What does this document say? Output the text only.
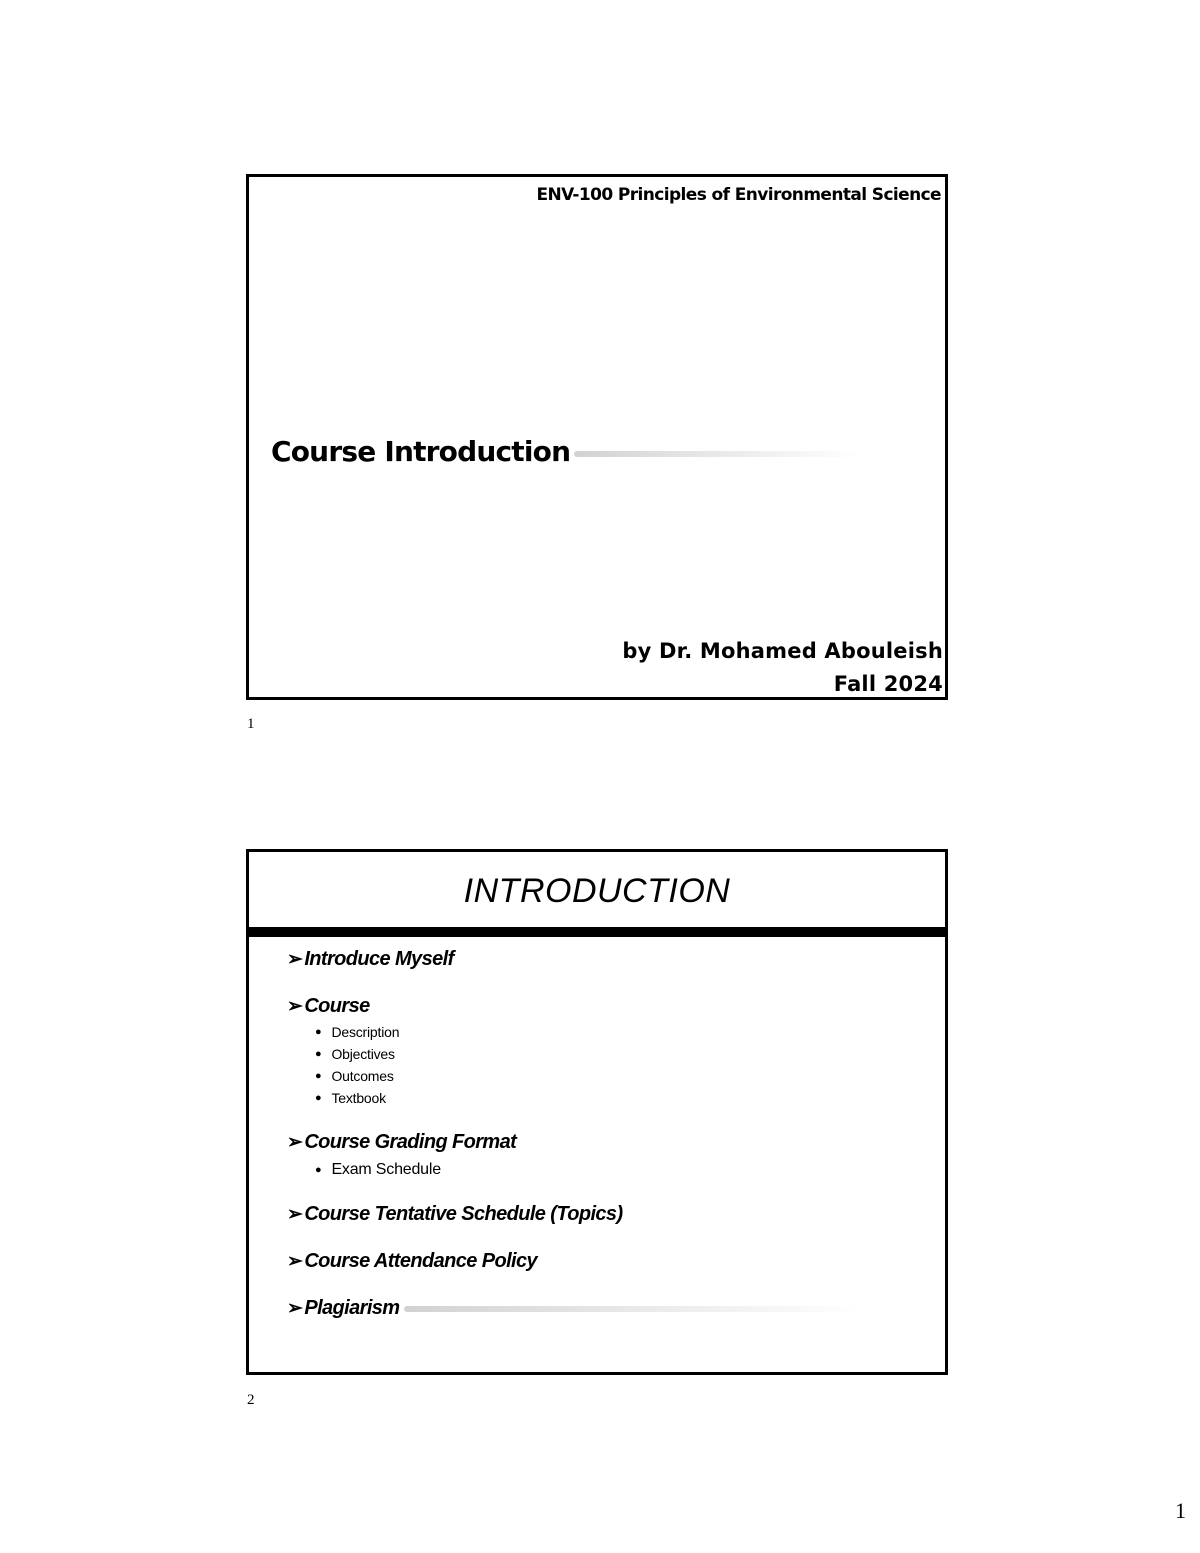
ENV-100 Principles of Environmental Science
Course Introduction
by Dr. Mohamed Abouleish
Fall 2024
1
INTRODUCTION
➢ Introduce Myself
➢ Course
● Description
● Objectives
● Outcomes
● Textbook
➢ Course Grading Format
● Exam Schedule
➢ Course Tentative Schedule (Topics)
➢ Course Attendance Policy
➢ Plagiarism
2
1
